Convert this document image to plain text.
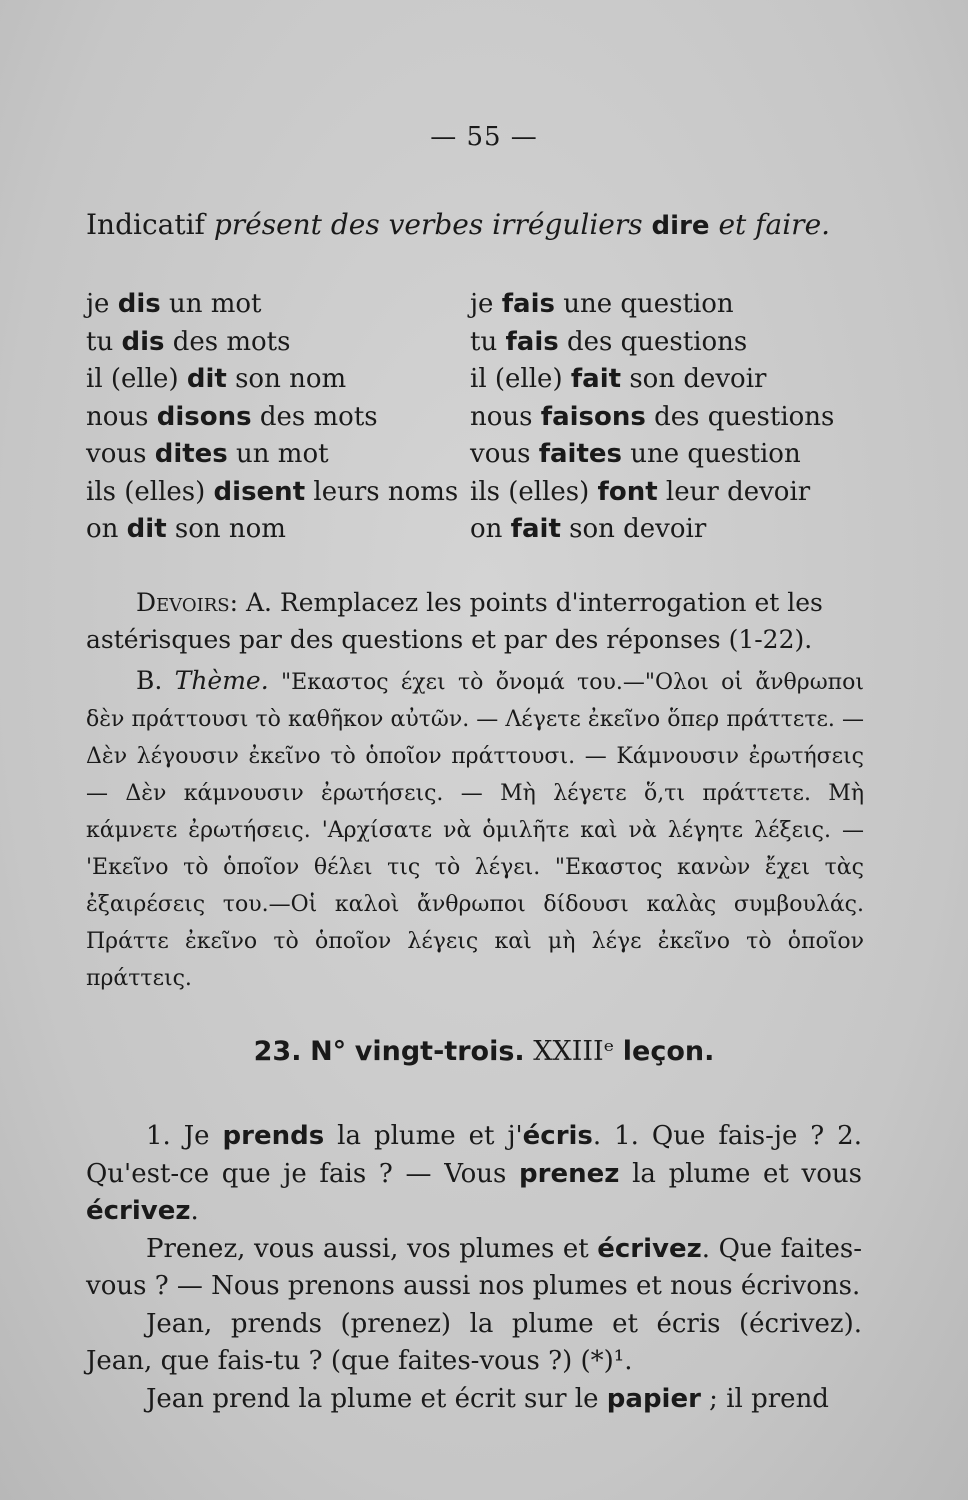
— 55 —
Indicatif présent des verbes irréguliers dire et faire.
je dis un mot
tu dis des mots
il (elle) dit son nom
nous disons des mots
vous dites un mot
ils (elles) disent leurs noms
on dit son nom
je fais une question
tu fais des questions
il (elle) fait son devoir
nous faisons des questions
vous faites une question
ils (elles) font leur devoir
on fait son devoir
Devoirs: A. Remplacez les points d'interrogation et les astérisques par des questions et par des réponses (1-22).
B. Thème. "Εκαστος έχει τὸ ὄνομά του.—"Ολοι οἱ ἄνθρωποι δὲν πράττουσι τὸ καθῆκον αὐτῶν. — Λέγετε ἐκεῖνο ὅπερ πράττετε. — Δὲν λέγουσιν ἐκεῖνο τὸ ὁποῖον πράττουσι. — Κάμνουσιν ἐρωτήσεις — Δὲν κάμνουσιν ἐρωτήσεις. — Μὴ λέγετε ὅ,τι πράττετε. Μὴ κάμνετε ἐρωτήσεις. 'Αρχίσατε νὰ ὁμιλῆτε καὶ νὰ λέγητε λέξεις. — 'Εκεῖνο τὸ ὁποῖον θέλει τις τὸ λέγει. "Εκαστος κανὼν ἔχει τὰς ἐξαιρέσεις του.—Οἱ καλοὶ ἄνθρωποι δίδουσι καλὰς συμβουλάς. Πράττε ἐκεῖνο τὸ ὁποῖον λέγεις καὶ μὴ λέγε ἐκεῖνο τὸ ὁποῖον πράττεις.
23. N° vingt-trois. XXIIIᵉ leçon.

1. Je prends la plume et j'écris. 1. Que fais-je ? 2. Qu'est-ce que je fais ? — Vous prenez la plume et vous écrivez.

Prenez, vous aussi, vos plumes et écrivez. Que faites-vous ? — Nous prenons aussi nos plumes et nous écrivons.

Jean, prends (prenez) la plume et écris (écrivez). Jean, que fais-tu ? (que faites-vous ?) (*)¹.

Jean prend la plume et écrit sur le papier ; il prend
